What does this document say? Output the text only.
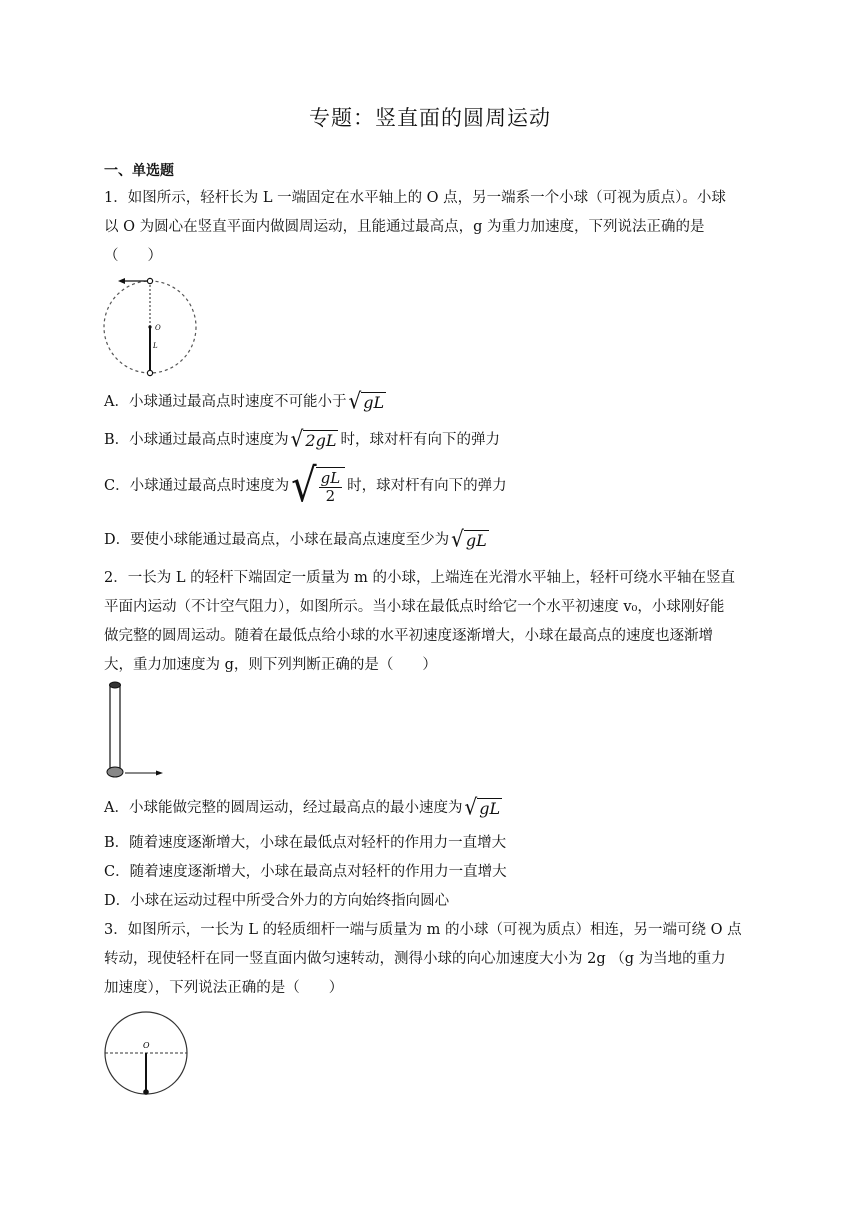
专题：竖直面的圆周运动
一、单选题
1．如图所示，轻杆长为 L 一端固定在水平轴上的 O 点，另一端系一个小球（可视为质点）。小球
以 O 为圆心在竖直平面内做圆周运动，且能通过最高点，g 为重力加速度，下列说法正确的是
（　　）
O
L
A．小球通过最高点时速度不可能小于 √ gL
B．小球通过最高点时速度为 √ 2gL 时，球对杆有向下的弹力
C．小球通过最高点时速度为 √ $\frac{gL}{2}$ 时，球对杆有向下的弹力
D．要使小球能通过最高点，小球在最高点速度至少为 √ gL
2．一长为 L 的轻杆下端固定一质量为 m 的小球，上端连在光滑水平轴上，轻杆可绕水平轴在竖直
平面内运动（不计空气阻力），如图所示。当小球在最低点时给它一个水平初速度 v₀，小球刚好能
做完整的圆周运动。随着在最低点给小球的水平初速度逐渐增大，小球在最高点的速度也逐渐增
大，重力加速度为 g，则下列判断正确的是（　　）
A．小球能做完整的圆周运动，经过最高点的最小速度为 √ gL
B．随着速度逐渐增大，小球在最低点对轻杆的作用力一直增大
C．随着速度逐渐增大，小球在最高点对轻杆的作用力一直增大
D．小球在运动过程中所受合外力的方向始终指向圆心
3．如图所示，一长为 L 的轻质细杆一端与质量为 m 的小球（可视为质点）相连，另一端可绕 O 点
转动，现使轻杆在同一竖直面内做匀速转动，测得小球的向心加速度大小为 2g （g 为当地的重力
加速度），下列说法正确的是（　　）
O
